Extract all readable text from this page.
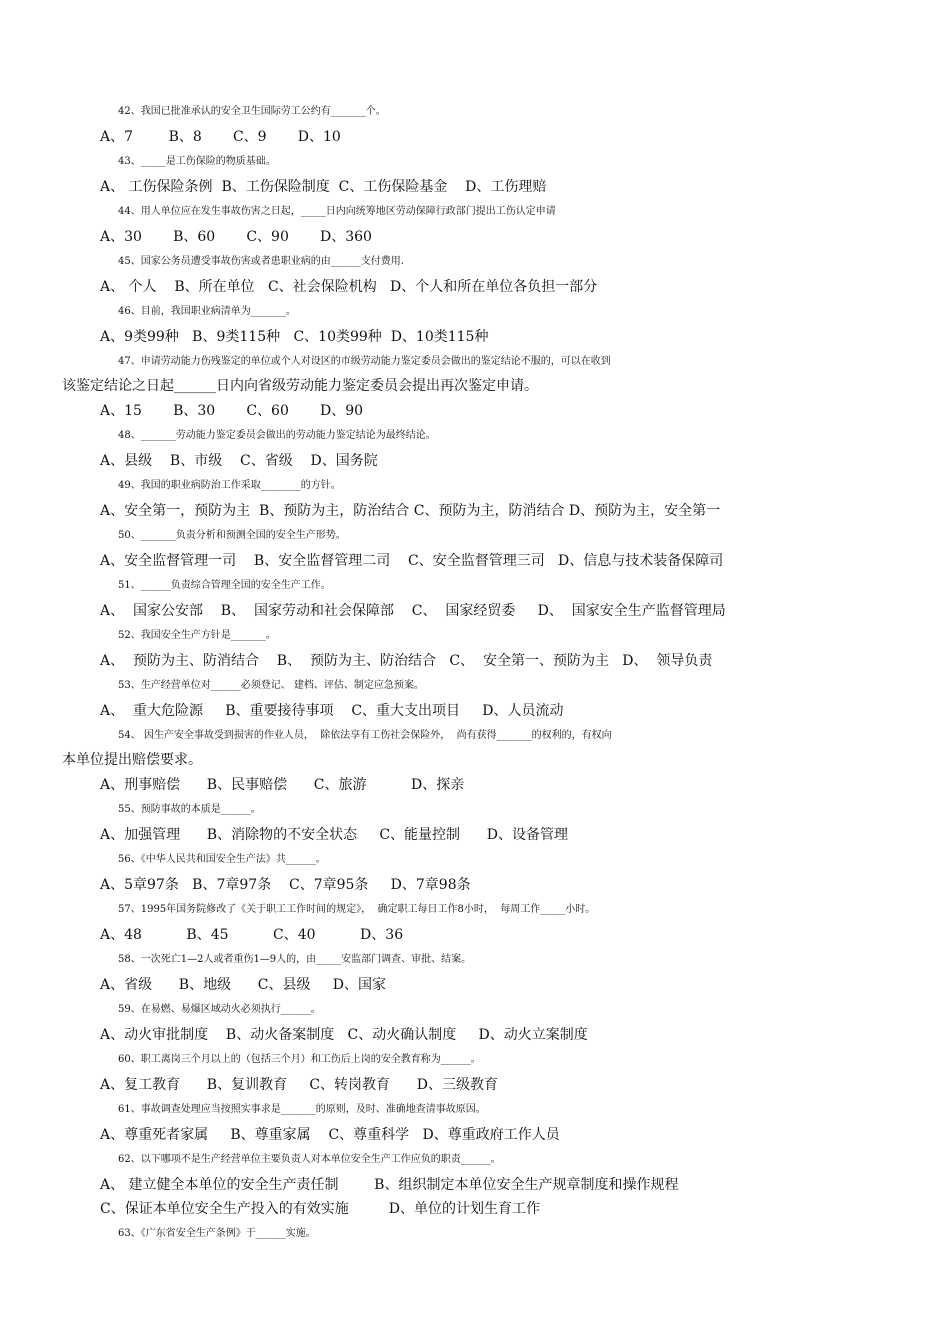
42、我国已批准承认的安全卫生国际劳工公约有_______个。
A、7        B、8       C、9       D、10
43、_____是工伤保险的物质基础。
A、 工伤保险条例  B、工伤保险制度  C、工伤保险基金    D、工伤理赔
44、用人单位应在发生事故伤害之日起，_____日内向统筹地区劳动保障行政部门提出工伤认定申请
A、30       B、60       C、90       D、360
45、国家公务员遭受事故伤害或者患职业病的由______支付费用.
A、 个人    B、所在单位   C、社会保险机构   D、个人和所在单位各负担一部分
46、目前，我国职业病清单为_______。
A、9类99种   B、9类115种   C、10类99种  D、10类115种
47、申请劳动能力伤残鉴定的单位或个人对设区的市级劳动能力鉴定委员会做出的鉴定结论不服的，可以在收到
该鉴定结论之日起______日内向省级劳动能力鉴定委员会提出再次鉴定申请。
A、15       B、30       C、60       D、90
48、_______劳动能力鉴定委员会做出的劳动能力鉴定结论为最终结论。
A、县级    B、市级    C、省级    D、国务院
49、我国的职业病防治工作采取________的方针。
A、安全第一，预防为主  B、预防为主，防治结合 C、预防为主，防消结合 D、预防为主，安全第一
50、_______负责分析和预测全国的安全生产形势。
A、安全监督管理一司    B、安全监督管理二司    C、安全监督管理三司   D、信息与技术装备保障司
51、______负责综合管理全国的安全生产工作。
A、  国家公安部    B、  国家劳动和社会保障部    C、  国家经贸委     D、  国家安全生产监督管理局
52、我国安全生产方针是_______。
A、  预防为主、防消结合    B、  预防为主、防治结合   C、  安全第一、预防为主   D、  领导负责
53、生产经营单位对______必须登记、 建档、评估、制定应急预案。
A、  重大危险源     B、重要接待事项    C、重大支出项目     D、人员流动
54、 因生产安全事故受到损害的作业人员，  除依法享有工伤社会保险外，  尚有获得_______的权利的，有权向
本单位提出赔偿要求。
A、刑事赔偿      B、民事赔偿      C、旅游          D、探亲
55、预防事故的本质是______。
A、加强管理      B、消除物的不安全状态     C、能量控制      D、设备管理
56、《中华人民共和国安全生产法》共______。
A、5章97条   B、7章97条    C、7章95条     D、7章98条
57、1995年国务院修改了《关于职工工作时间的规定》，  确定职工每日工作8小时，  每周工作_____小时。
A、48          B、45          C、40          D、36
58、一次死亡1—2人或者重伤1—9人的，由_____安监部门调查、审批、结案。
A、省级      B、地级      C、县级     D、国家
59、在易燃、易爆区域动火必须执行______。
A、动火审批制度    B、动火备案制度   C、动火确认制度     D、动火立案制度
60、职工离岗三个月以上的（包括三个月）和工伤后上岗的安全教育称为______。
A、复工教育      B、复训教育     C、转岗教育      D、三级教育
61、事故调查处理应当按照实事求是_______的原则，及时、准确地查清事故原因。
A、尊重死者家属     B、尊重家属    C、尊重科学   D、尊重政府工作人员
62、以下哪项不是生产经营单位主要负责人对本单位安全生产工作应负的职责______。
A、 建立健全本单位的安全生产责任制        B、组织制定本单位安全生产规章制度和操作规程
C、保证本单位安全生产投入的有效实施         D、单位的计划生育工作
63、《广东省安全生产条例》于______实施。
